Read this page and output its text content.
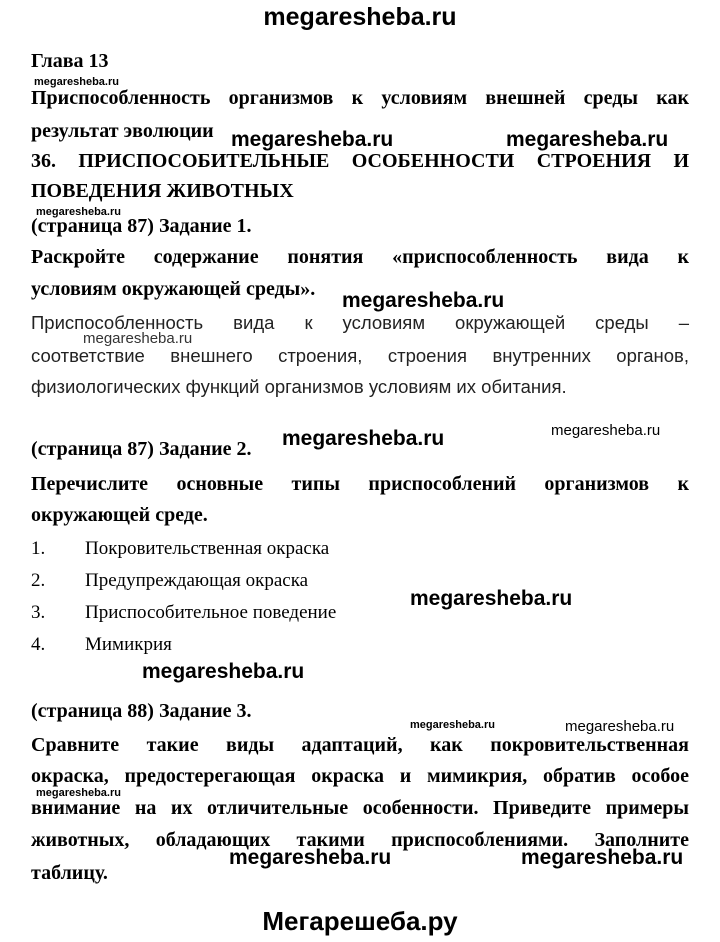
megaresheba.ru
Глава 13
megaresheba.ru
Приспособленность организмов к условиям внешней среды как
результат эволюции megaresheba.ru	megaresheba.ru
36. ПРИСПОСОБИТЕЛЬНЫЕ ОСОБЕННОСТИ СТРОЕНИЯ И
ПОВЕДЕНИЯ ЖИВОТНЫХ
megaresheba.ru
(страница 87) Задание 1.
Раскройте содержание понятия «приспособленность вида к
условиям окружающей среды». megaresheba.ru
Приспособленность вида к условиям окружающей среды –
megaresheba.ru
соответствие внешнего строения, строения внутренних органов,
физиологических функций организмов условиям их обитания.
megaresheba.ru
(страница 87) Задание 2. megaresheba.ru
Перечислите основные типы приспособлений организмов к
окружающей среде.
1. Покровительственная окраска
2. Предупреждающая окраска
3. Приспособительное поведение
4. Мимикрия
megaresheba.ru
megaresheba.ru
(страница 88) Задание 3.
megaresheba.ru	megaresheba.ru
Сравните такие виды адаптаций, как покровительственная
окраска, предостерегающая окраска и мимикрия, обратив особое
megaresheba.ru
внимание на их отличительные особенности. Приведите примеры
животных, обладающих такими приспособлениями. Заполните
таблицу.
megaresheba.ru	megaresheba.ru
Мегарешеба.ру
